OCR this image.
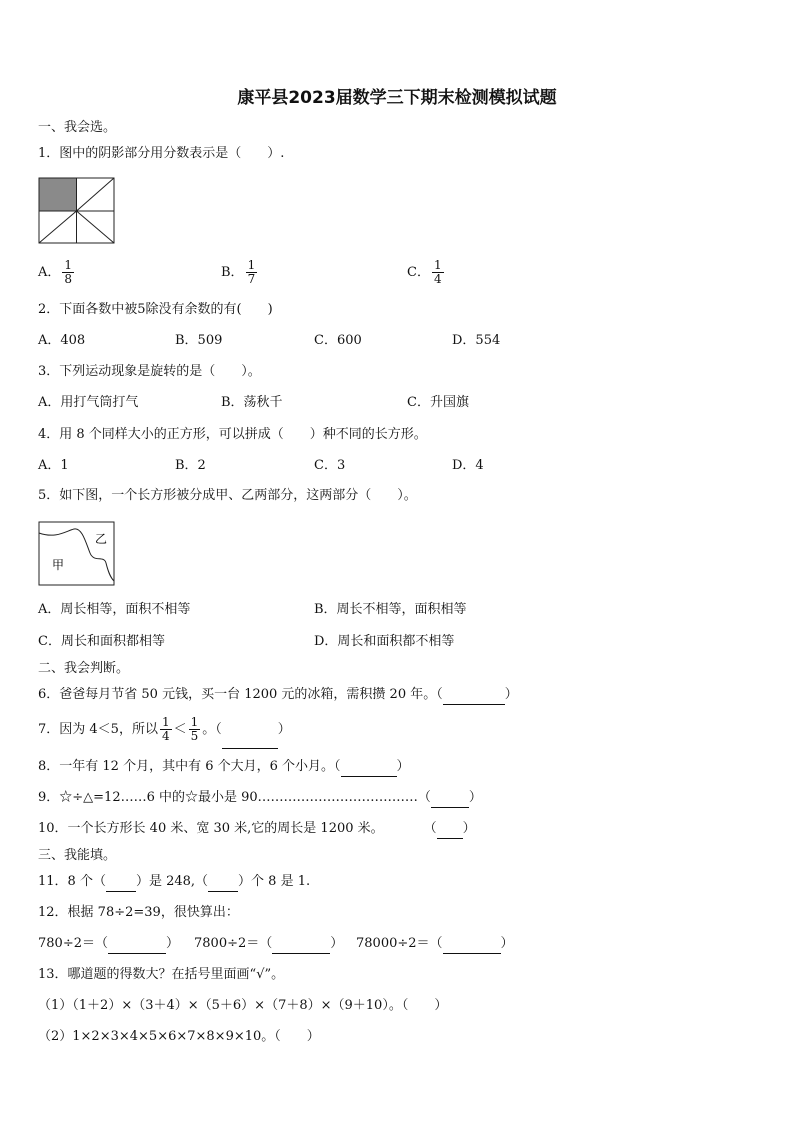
康平县2023届数学三下期末检测模拟试题
一、我会选。
1．图中的阴影部分用分数表示是（　　）.
A． $\frac{1}{8}$	B． $\frac{1}{7}$	C． $\frac{1}{4}$
2．下面各数中被5除没有余数的有(　　)
A．408	B．509	C．600	D．554
3．下列运动现象是旋转的是（　　）。
A．用打气筒打气	B．荡秋千	C．升国旗
4．用 8 个同样大小的正方形，可以拼成（　　）种不同的长方形。
A．1	B．2	C．3	D．4
5．如下图，一个长方形被分成甲、乙两部分，这两部分（　　）。
乙
甲
A．周长相等，面积不相等	B．周长不相等，面积相等
C．周长和面积都相等	D．周长和面积都不相等
二、我会判断。
6．爸爸每月节省 50 元钱，买一台 1200 元的冰箱，需积攒 20 年。（	）
7．因为 4＜5，所以 $\frac{1}{4} < \frac{1}{5}$ 。（	）
8．一年有 12 个月，其中有 6 个大月，6 个小月。（	）
9．☆÷△=12……6 中的☆最小是 90.………………………………（	）
10．一个长方形长 40 米、宽 30 米,它的周长是 1200 米。	（ ）
三、我能填。
11．8 个（ ）是 248,（ ）个 8 是 1.
12．根据 78÷2=39，很快算出：
780÷2＝（	） 7800÷2＝（	） 78000÷2＝（	）
13．哪道题的得数大？在括号里面画“√”。
（1）（1＋2）×（3＋4）×（5＋6）×（7＋8）×（9＋10）。（　　）
（2）1×2×3×4×5×6×7×8×9×10。（　　）
